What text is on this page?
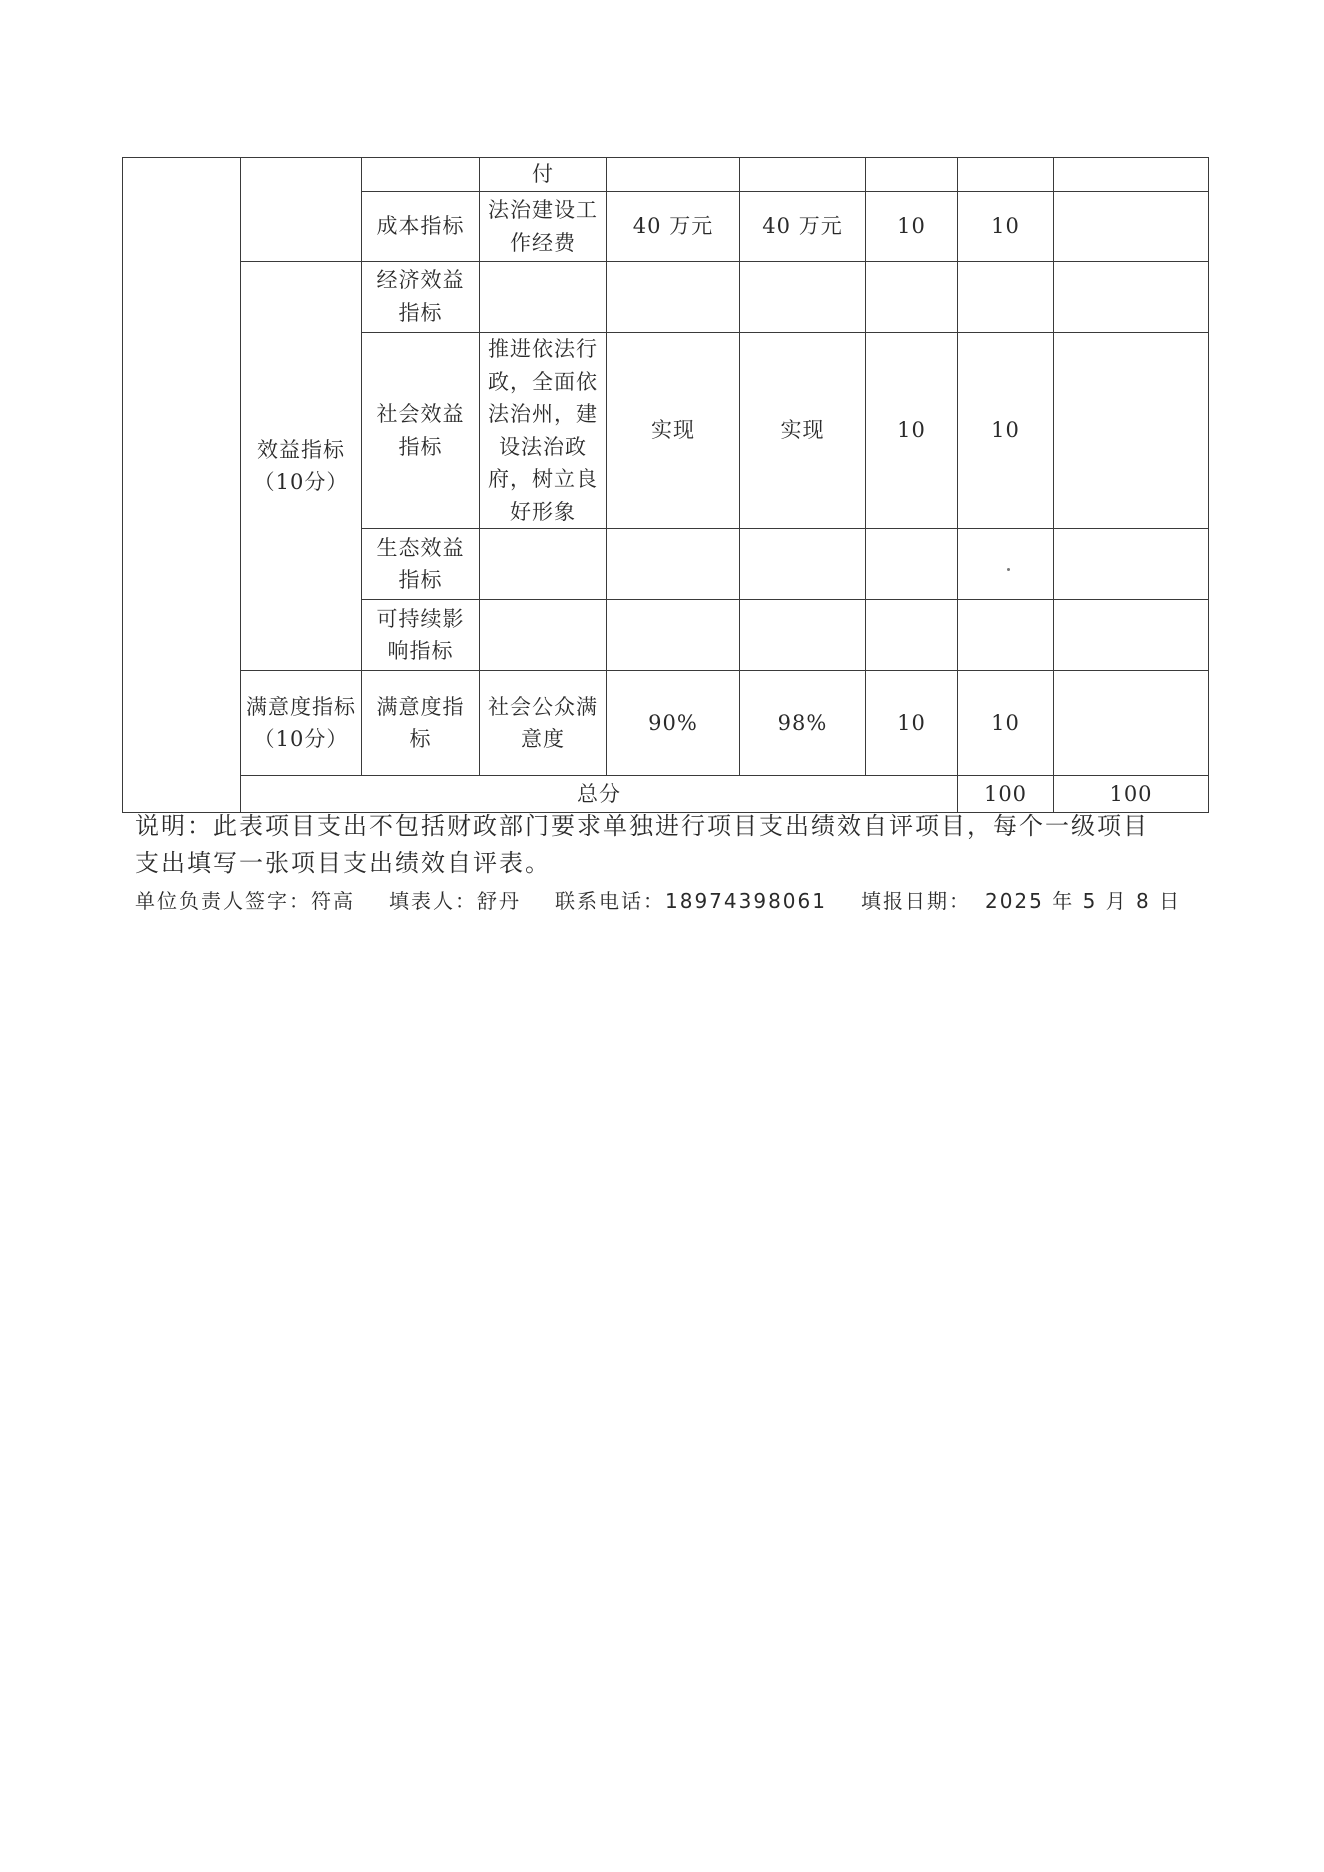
			付						
		成本指标	法治建设工作经费	40 万元	40 万元	10	10		
	效益指标（10分）	经济效益指标							
		社会效益指标	推进依法行政，全面依法治州，建设法治政府，树立良好形象	实现	实现	10	10		
		生态效益指标							
		可持续影响指标							
	满意度指标（10分）	满意度指标	社会公众满意度	90%	98%	10	10		
	总分						100	100	
说明：此表项目支出不包括财政部门要求单独进行项目支出绩效自评项目，每个一级项目
支出填写一张项目支出绩效自评表。
单位负责人签字：符高 填表人：舒丹 联系电话：18974398061 填报日期： 2025 年 5 月 8 日
